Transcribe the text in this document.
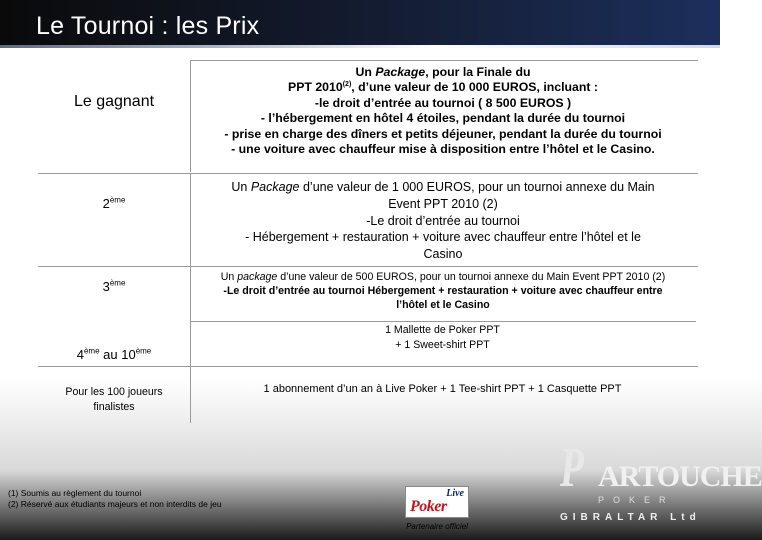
Le Tournoi : les Prix
Le gagnant
Un Package, pour la Finale du
PPT 2010$^{(2)}$, d’une valeur de 10 000 EUROS, incluant :
-le droit d’entrée au tournoi ( 8 500 EUROS )
- l’hébergement en hôtel 4 étoiles, pendant la durée du tournoi
- prise en charge des dîners et petits déjeuner, pendant la durée du tournoi
- une voiture avec chauffeur mise à disposition entre l’hôtel et le Casino.
2ème
Un Package d’une valeur de 1 000 EUROS, pour un tournoi annexe du Main
Event PPT 2010 (2)
-Le droit d’entrée au tournoi
- Hébergement + restauration + voiture avec chauffeur entre l’hôtel et le
Casino
3ème
Un package d’une valeur de 500 EUROS, pour un tournoi annexe du Main Event PPT 2010 (2)
-Le droit d’entrée au tournoi Hébergement + restauration + voiture avec chauffeur entre
l’hôtel et le Casino
4ème au 10ème
1 Mallette de Poker PPT
+ 1 Sweet-shirt PPT
Pour les 100 joueurs
finalistes
1 abonnement d’un an à Live Poker + 1 Tee-shirt PPT + 1 Casquette PPT
(1) Soumis au règlement du tournoi
(2) Réservé aux étudiants majeurs et non interdits de jeu
Live
Poker
Partenaire officiel
P ♥♠♦♣
ARTOUCHE
POKER
GIBRALTAR Ltd
